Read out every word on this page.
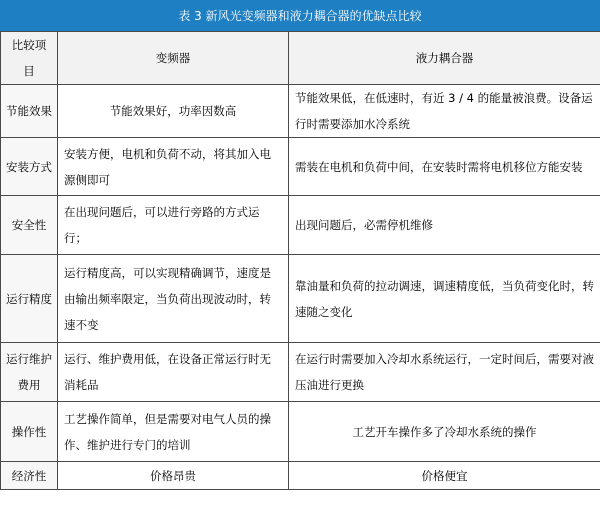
表 3 新风光变频器和液力耦合器的优缺点比较
比较项目	变频器	液力耦合器
节能效果	节能效果好，功率因数高	节能效果低，在低速时，有近 3 / 4 的能量被浪费。设备运行时需要添加水冷系统
安装方式	安装方便，电机和负荷不动，将其加入电源侧即可	需装在电机和负荷中间，在安装时需将电机移位方能安装
安全性	在出现问题后，可以进行旁路的方式运行；	出现问题后，必需停机维修
运行精度	运行精度高，可以实现精确调节，速度是由输出频率限定，当负荷出现波动时，转速不变	靠油量和负荷的拉动调速，调速精度低，当负荷变化时，转速随之变化
运行维护费用	运行、维护费用低，在设备正常运行时无消耗品	在运行时需要加入冷却水系统运行，一定时间后，需要对液压油进行更换
操作性	工艺操作简单，但是需要对电气人员的操作、维护进行专门的培训	工艺开车操作多了冷却水系统的操作
经济性	价格昂贵	价格便宜
